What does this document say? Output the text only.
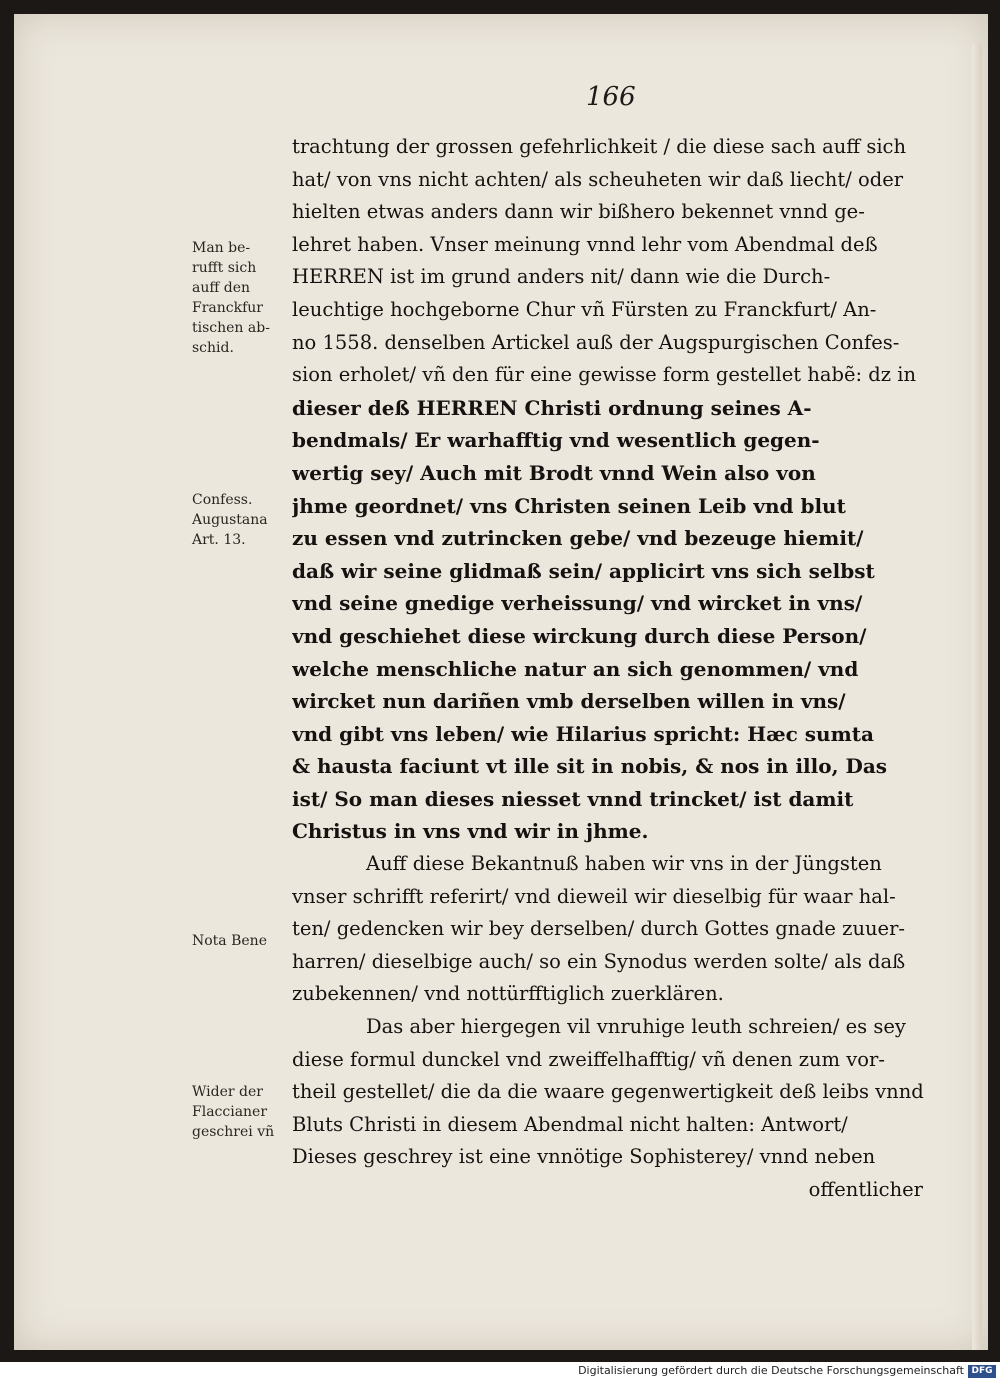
166
trachtung der grossen gefehrlichkeit / die diese sach auff sich
hat/ von vns nicht achten/ als scheuheten wir daß liecht/ oder
hielten etwas anders dann wir bißhero bekennet vnnd ge-
lehret haben. Vnser meinung vnnd lehr vom Abendmal deß
HERREN ist im grund anders nit/ dann wie die Durch-
leuchtige hochgeborne Chur vñ Fürsten zu Franckfurt/ An-
no 1558. denselben Artickel auß der Augspurgischen Confes-
sion erholet/ vñ den für eine gewisse form gestellet habẽ: dz in
dieser deß HERREN Christi ordnung seines A-
bendmals/ Er warhafftig vnd wesentlich gegen-
wertig sey/ Auch mit Brodt vnnd Wein also von
jhme geordnet/ vns Christen seinen Leib vnd blut
zu essen vnd zutrincken gebe/ vnd bezeuge hiemit/
daß wir seine glidmaß sein/ applicirt vns sich selbst
vnd seine gnedige verheissung/ vnd wircket in vns/
vnd geschiehet diese wirckung durch diese Person/
welche menschliche natur an sich genommen/ vnd
wircket nun dariñen vmb derselben willen in vns/
vnd gibt vns leben/ wie Hilarius spricht: Hæc sumta
& hausta faciunt vt ille sit in nobis, & nos in illo, Das
ist/ So man dieses niesset vnnd trincket/ ist damit
Christus in vns vnd wir in jhme.
Auff diese Bekantnuß haben wir vns in der Jüngsten
vnser schrifft referirt/ vnd dieweil wir dieselbig für waar hal-
ten/ gedencken wir bey derselben/ durch Gottes gnade zuuer-
harren/ dieselbige auch/ so ein Synodus werden solte/ als daß
zubekennen/ vnd nottürfftiglich zuerklären.
Das aber hiergegen vil vnruhige leuth schreien/ es sey
diese formul dunckel vnd zweiffelhafftig/ vñ denen zum vor-
theil gestellet/ die da die waare gegenwertigkeit deß leibs vnnd
Bluts Christi in diesem Abendmal nicht halten: Antwort/
Dieses geschrey ist eine vnnötige Sophisterey/ vnnd neben
offentlicher
Man be-
rufft sich
auff den
Franckfur
tischen ab-
schid.
Confess.
Augustana
Art. 13.
Nota Bene
Wider der
Flaccianer
geschrei vñ
Digitalisierung gefördert durch die Deutsche Forschungsgemeinschaft DFG
